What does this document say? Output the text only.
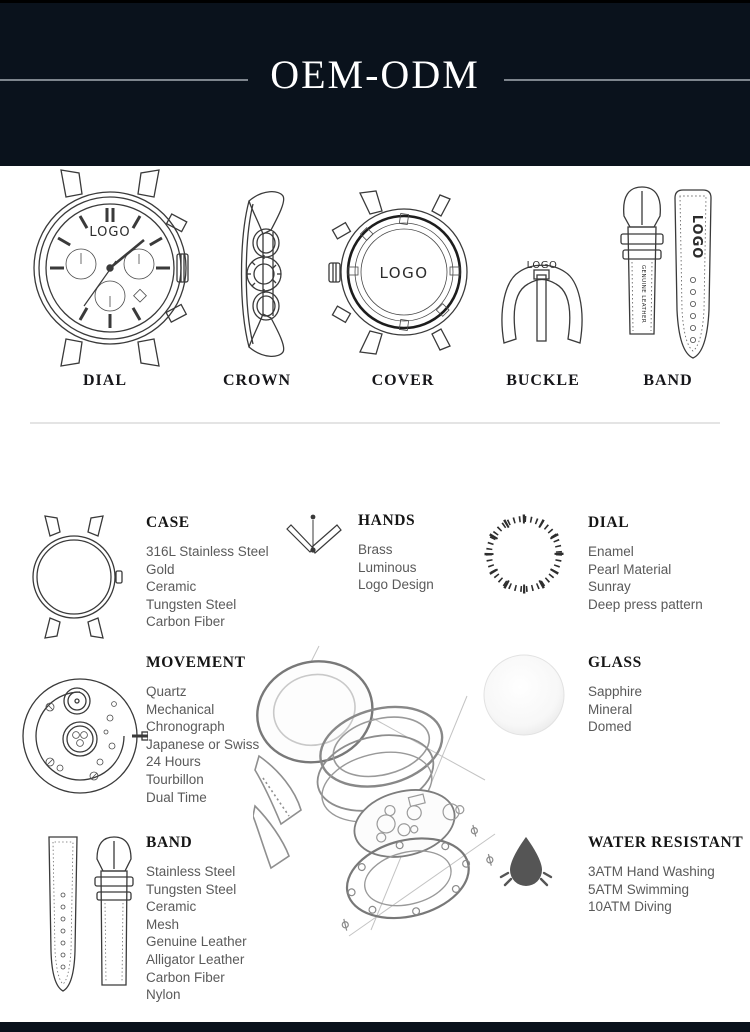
OEM-ODM
LOGO
DIAL	CROWN
LOGO
COVER
LOGO
BUCKLE
GENUINE LEATHER
LOGO
BAND
CASE
316L Stainless Steel
Gold
Ceramic
Tungsten Steel
Carbon Fiber
HANDS
Brass
Luminous
Logo Design
DIAL
Enamel
Pearl Material
Sunray
Deep press pattern
MOVEMENT
Quartz
Mechanical
Chronograph
Japanese or Swiss
24 Hours
Tourbillon
Dual Time
GLASS
Sapphire
Mineral
Domed
BAND
Stainless Steel
Tungsten Steel
Ceramic
Mesh
Genuine Leather
Alligator Leather
Carbon Fiber
Nylon
WATER RESISTANT
3ATM Hand Washing
5ATM Swimming
10ATM Diving
